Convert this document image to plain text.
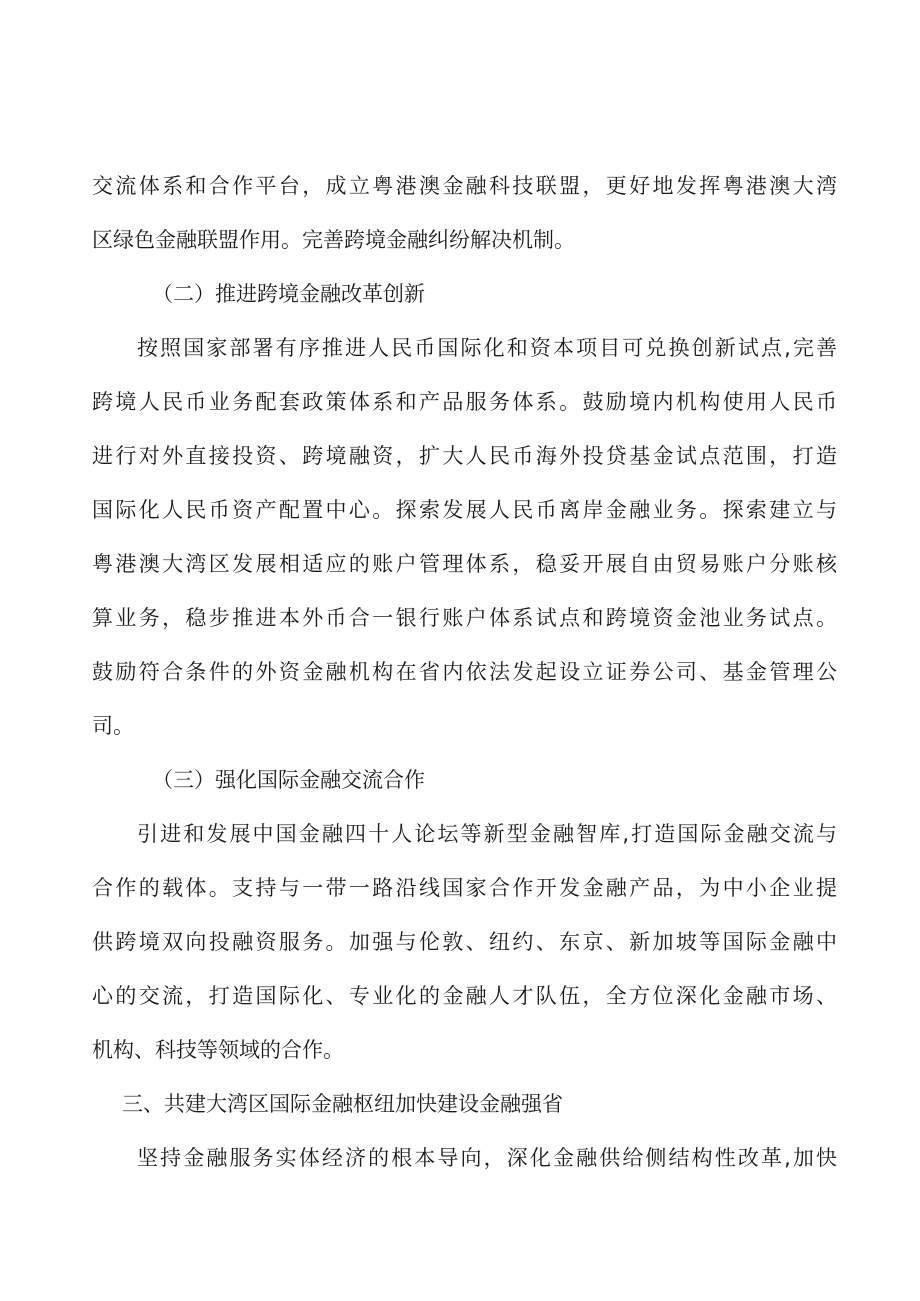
交流体系和合作平台，成立粤港澳金融科技联盟，更好地发挥粤港澳大湾
区绿色金融联盟作用。完善跨境金融纠纷解决机制。
（二）推进跨境金融改革创新
按照国家部署有序推进人民币国际化和资本项目可兑换创新试点,完善
跨境人民币业务配套政策体系和产品服务体系。鼓励境内机构使用人民币
进行对外直接投资、跨境融资，扩大人民币海外投贷基金试点范围，打造
国际化人民币资产配置中心。探索发展人民币离岸金融业务。探索建立与
粤港澳大湾区发展相适应的账户管理体系，稳妥开展自由贸易账户分账核
算业务，稳步推进本外币合一银行账户体系试点和跨境资金池业务试点。
鼓励符合条件的外资金融机构在省内依法发起设立证券公司、基金管理公
司。
（三）强化国际金融交流合作
引进和发展中国金融四十人论坛等新型金融智库,打造国际金融交流与
合作的载体。支持与一带一路沿线国家合作开发金融产品，为中小企业提
供跨境双向投融资服务。加强与伦敦、纽约、东京、新加坡等国际金融中
心的交流，打造国际化、专业化的金融人才队伍，全方位深化金融市场、
机构、科技等领域的合作。
三、共建大湾区国际金融枢纽加快建设金融强省
坚持金融服务实体经济的根本导向，深化金融供给侧结构性改革,加快
